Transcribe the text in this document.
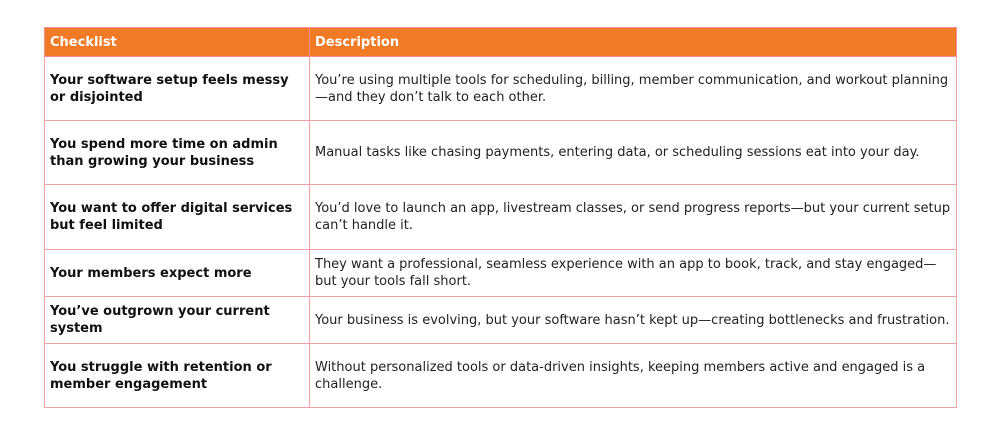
Checklist	Description
Your software setup feels messy or disjointed	You’re using multiple tools for scheduling, billing, member communication, and workout planning—and they don’t talk to each other.
You spend more time on admin than growing your business	Manual tasks like chasing payments, entering data, or scheduling sessions eat into your day.
You want to offer digital services but feel limited	You’d love to launch an app, livestream classes, or send progress reports—but your current setup can’t handle it.
Your members expect more	They want a professional, seamless experience with an app to book, track, and stay engaged—but your tools fall short.
You’ve outgrown your current system	Your business is evolving, but your software hasn’t kept up—creating bottlenecks and frustration.
You struggle with retention or member engagement	Without personalized tools or data-driven insights, keeping members active and engaged is a challenge.
